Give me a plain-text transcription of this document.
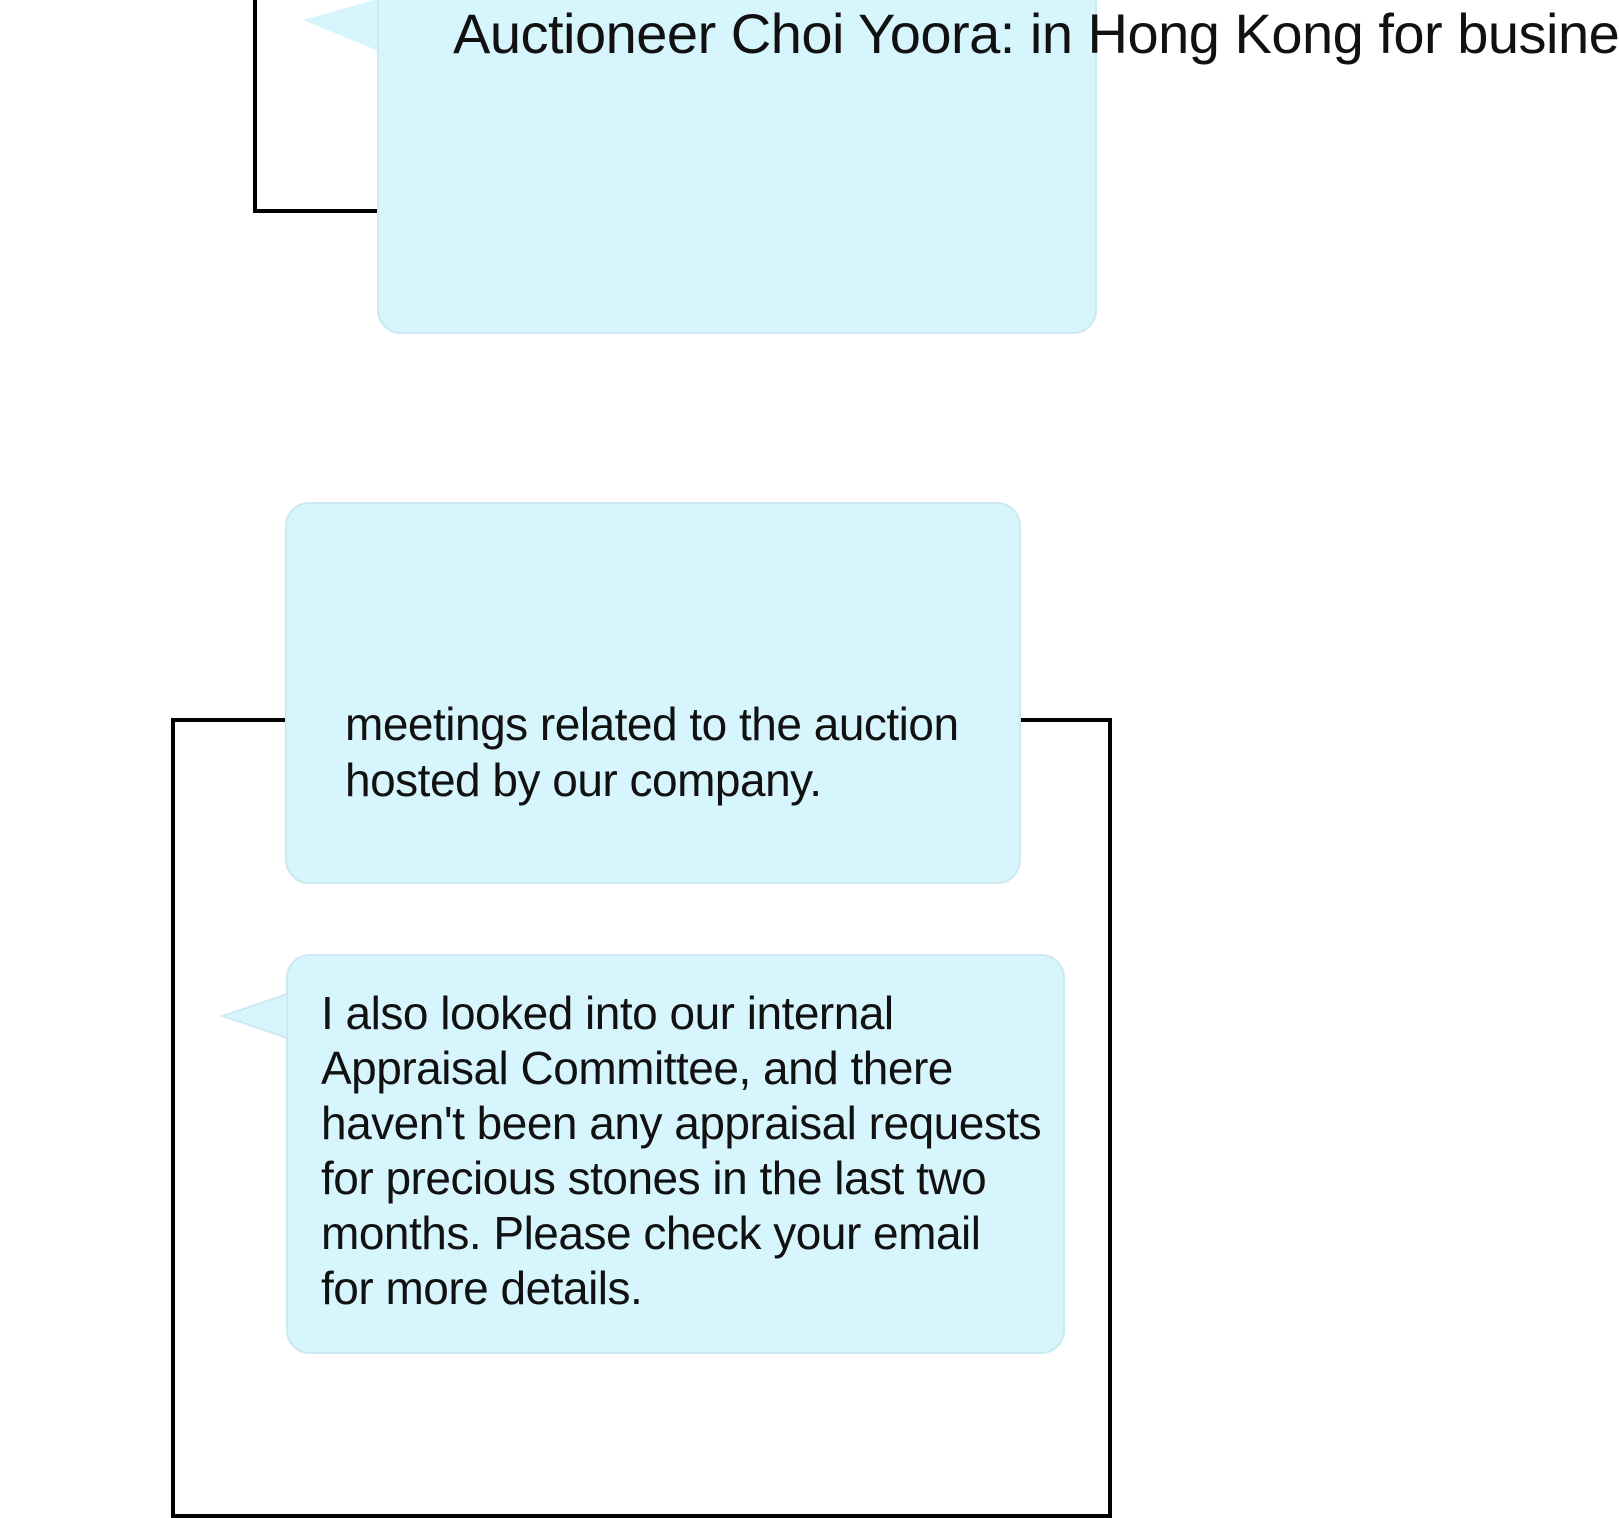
Auctioneer Choi Yoora: in Hong Kong for busine

meetings related to the auction
hosted by our company.

I also looked into our internal
Appraisal Committee, and there
haven't been any appraisal requests
for precious stones in the last two
months. Please check your email
for more details.
